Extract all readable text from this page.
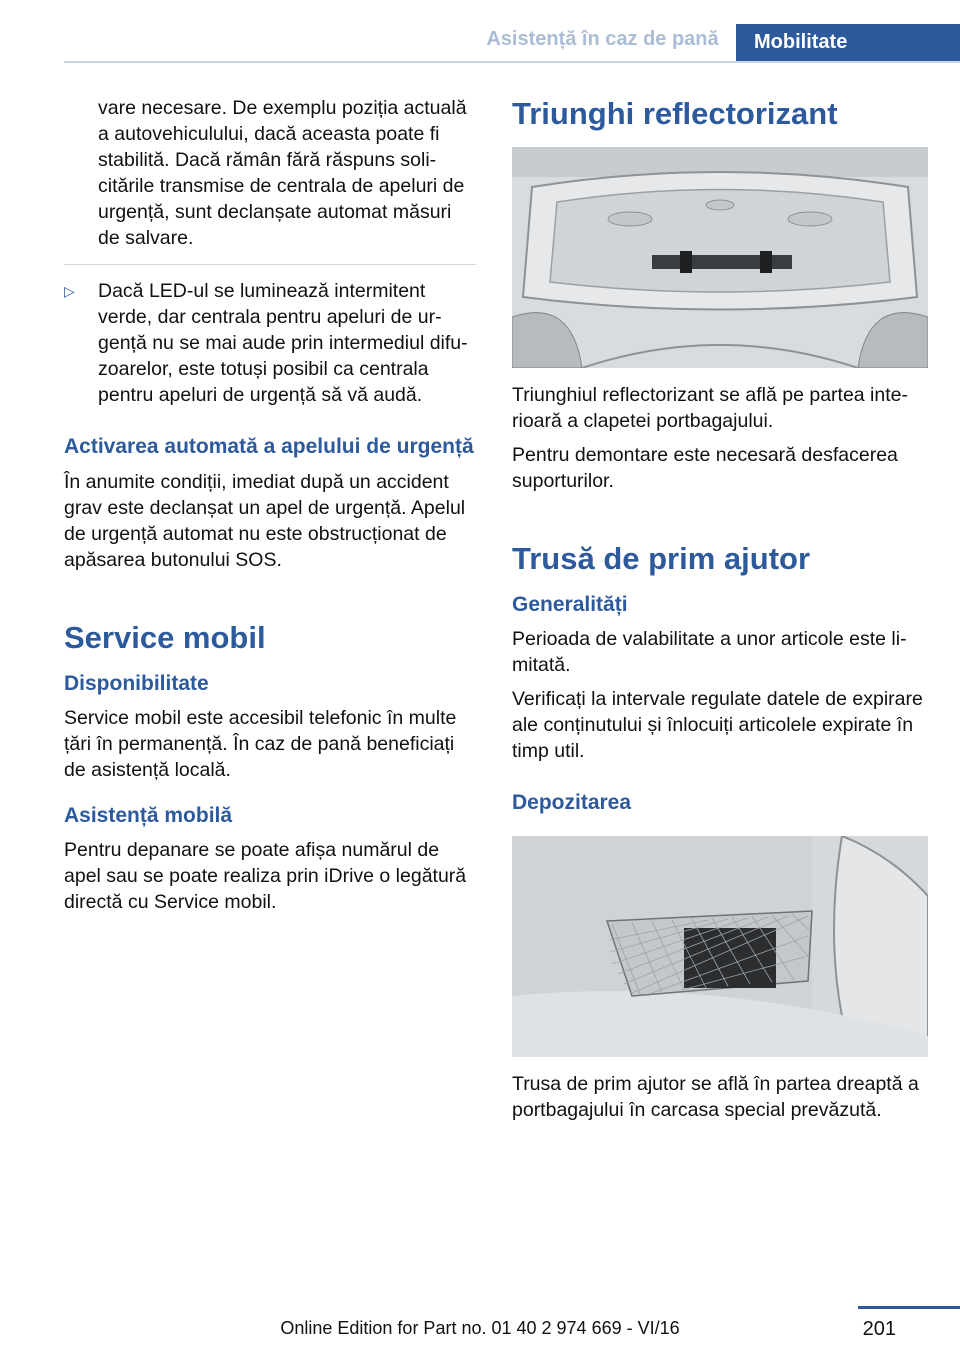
Asistență în caz de pană	Mobilitate

vare necesare. De exemplu poziția actuală a autovehiculului, dacă aceasta poate fi stabilită. Dacă rămân fără răspuns solicitările transmise de centrala de apeluri de urgență, sunt declanșate automat măsuri de salvare.

▷ Dacă LED-ul se luminează intermitent verde, dar centrala pentru apeluri de urgență nu se mai aude prin intermediul difuzoarelor, este totuși posibil ca centrala pentru apeluri de urgență să vă audă.

Activarea automată a apelului de urgență

În anumite condiții, imediat după un accident grav este declanșat un apel de urgență. Apelul de urgență automat nu este obstrucționat de apăsarea butonului SOS.

Service mobil
Disponibilitate

Service mobil este accesibil telefonic în multe țări în permanență. În caz de pană beneficiați de asistență locală.

Asistență mobilă

Pentru depanare se poate afișa numărul de apel sau se poate realiza prin iDrive o legătură directă cu Service mobil.

Triunghi reflectorizant

Triunghiul reflectorizant se află pe partea interioară a clapetei portbagajului.

Pentru demontare este necesară desfacerea suporturilor.

Trusă de prim ajutor
Generalități

Perioada de valabilitate a unor articole este limitată.

Verificați la intervale regulate datele de expirare ale conținutului și înlocuiți articolele expirate în timp util.

Depozitarea

Trusa de prim ajutor se află în partea dreaptă a portbagajului în carcasa special prevăzută.

201
Online Edition for Part no. 01 40 2 974 669 - VI/16
